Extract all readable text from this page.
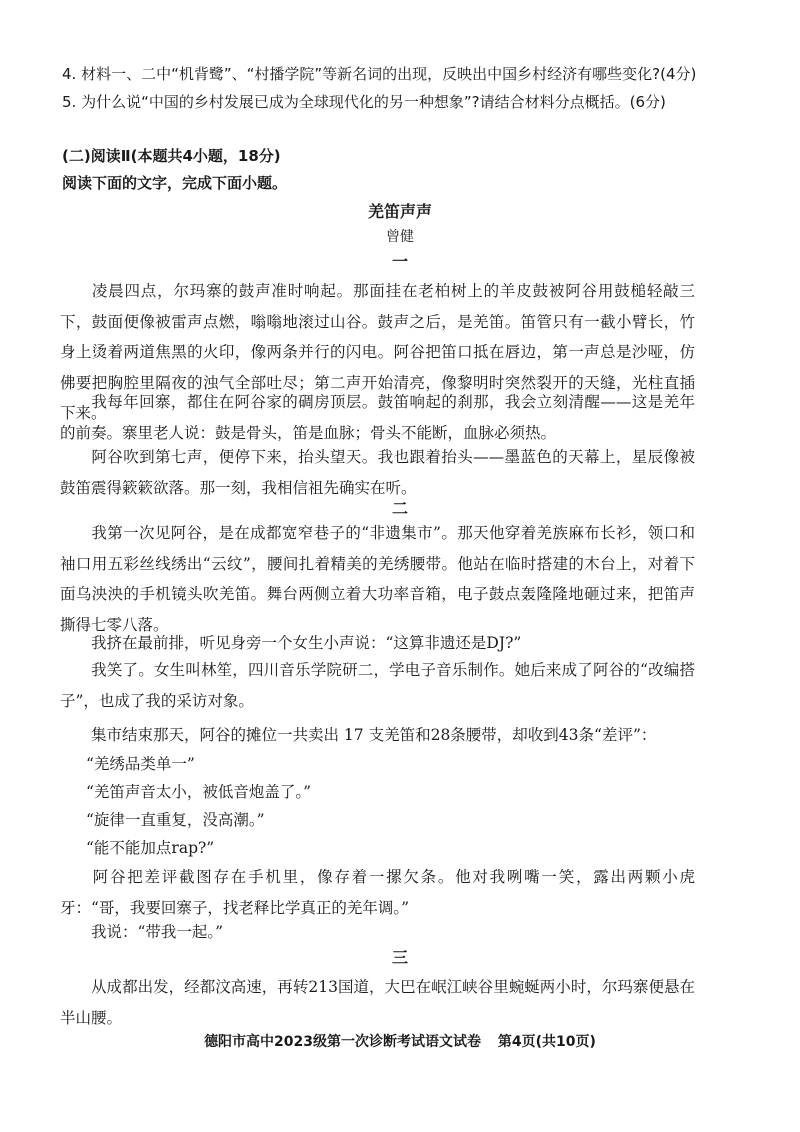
4. 材料一、二中“机背鹭”、“村播学院”等新名词的出现，反映出中国乡村经济有哪些变化?(4分)
5. 为什么说“中国的乡村发展已成为全球现代化的另一种想象”?请结合材料分点概括。(6分)
(二)阅读Ⅱ(本题共4小题，18分)
阅读下面的文字，完成下面小题。
羌笛声声
曾健
一

凌晨四点，尔玛寨的鼓声准时响起。那面挂在老柏树上的羊皮鼓被阿谷用鼓槌轻敲三下，鼓面便像被雷声点燃，嗡嗡地滚过山谷。鼓声之后，是羌笛。笛管只有一截小臂长，竹身上烫着两道焦黑的火印，像两条并行的闪电。阿谷把笛口抵在唇边，第一声总是沙哑，仿佛要把胸腔里隔夜的浊气全部吐尽；第二声开始清亮，像黎明时突然裂开的天缝，光柱直插下来。

我每年回寨，都住在阿谷家的碉房顶层。鼓笛响起的刹那，我会立刻清醒——这是羌年的前奏。寨里老人说：鼓是骨头，笛是血脉；骨头不能断，血脉必须热。

阿谷吹到第七声，便停下来，抬头望天。我也跟着抬头——墨蓝色的天幕上，星辰像被鼓笛震得簌簌欲落。那一刻，我相信祖先确实在听。

二

我第一次见阿谷，是在成都宽窄巷子的“非遗集市”。那天他穿着羌族麻布长衫，领口和袖口用五彩丝线绣出“云纹”，腰间扎着精美的羌绣腰带。他站在临时搭建的木台上，对着下面乌泱泱的手机镜头吹羌笛。舞台两侧立着大功率音箱，电子鼓点轰隆隆地砸过来，把笛声撕得七零八落。

我挤在最前排，听见身旁一个女生小声说：“这算非遗还是DJ?”

我笑了。女生叫林笙，四川音乐学院研二，学电子音乐制作。她后来成了阿谷的“改编搭子”，也成了我的采访对象。

集市结束那天，阿谷的摊位一共卖出 17 支羌笛和28条腰带，却收到43条“差评”：

“羌绣品类单一”

“羌笛声音太小，被低音炮盖了。”

“旋律一直重复，没高潮。”

“能不能加点rap?”

阿谷把差评截图存在手机里，像存着一摞欠条。他对我咧嘴一笑，露出两颗小虎牙：“哥，我要回寨子，找老释比学真正的羌年调。”

我说：“带我一起。”

三

从成都出发，经都汶高速，再转213国道，大巴在岷江峡谷里蜿蜒两小时，尔玛寨便悬在半山腰。

德阳市高中2023级第一次诊断考试语文试卷 第4页(共10页)
